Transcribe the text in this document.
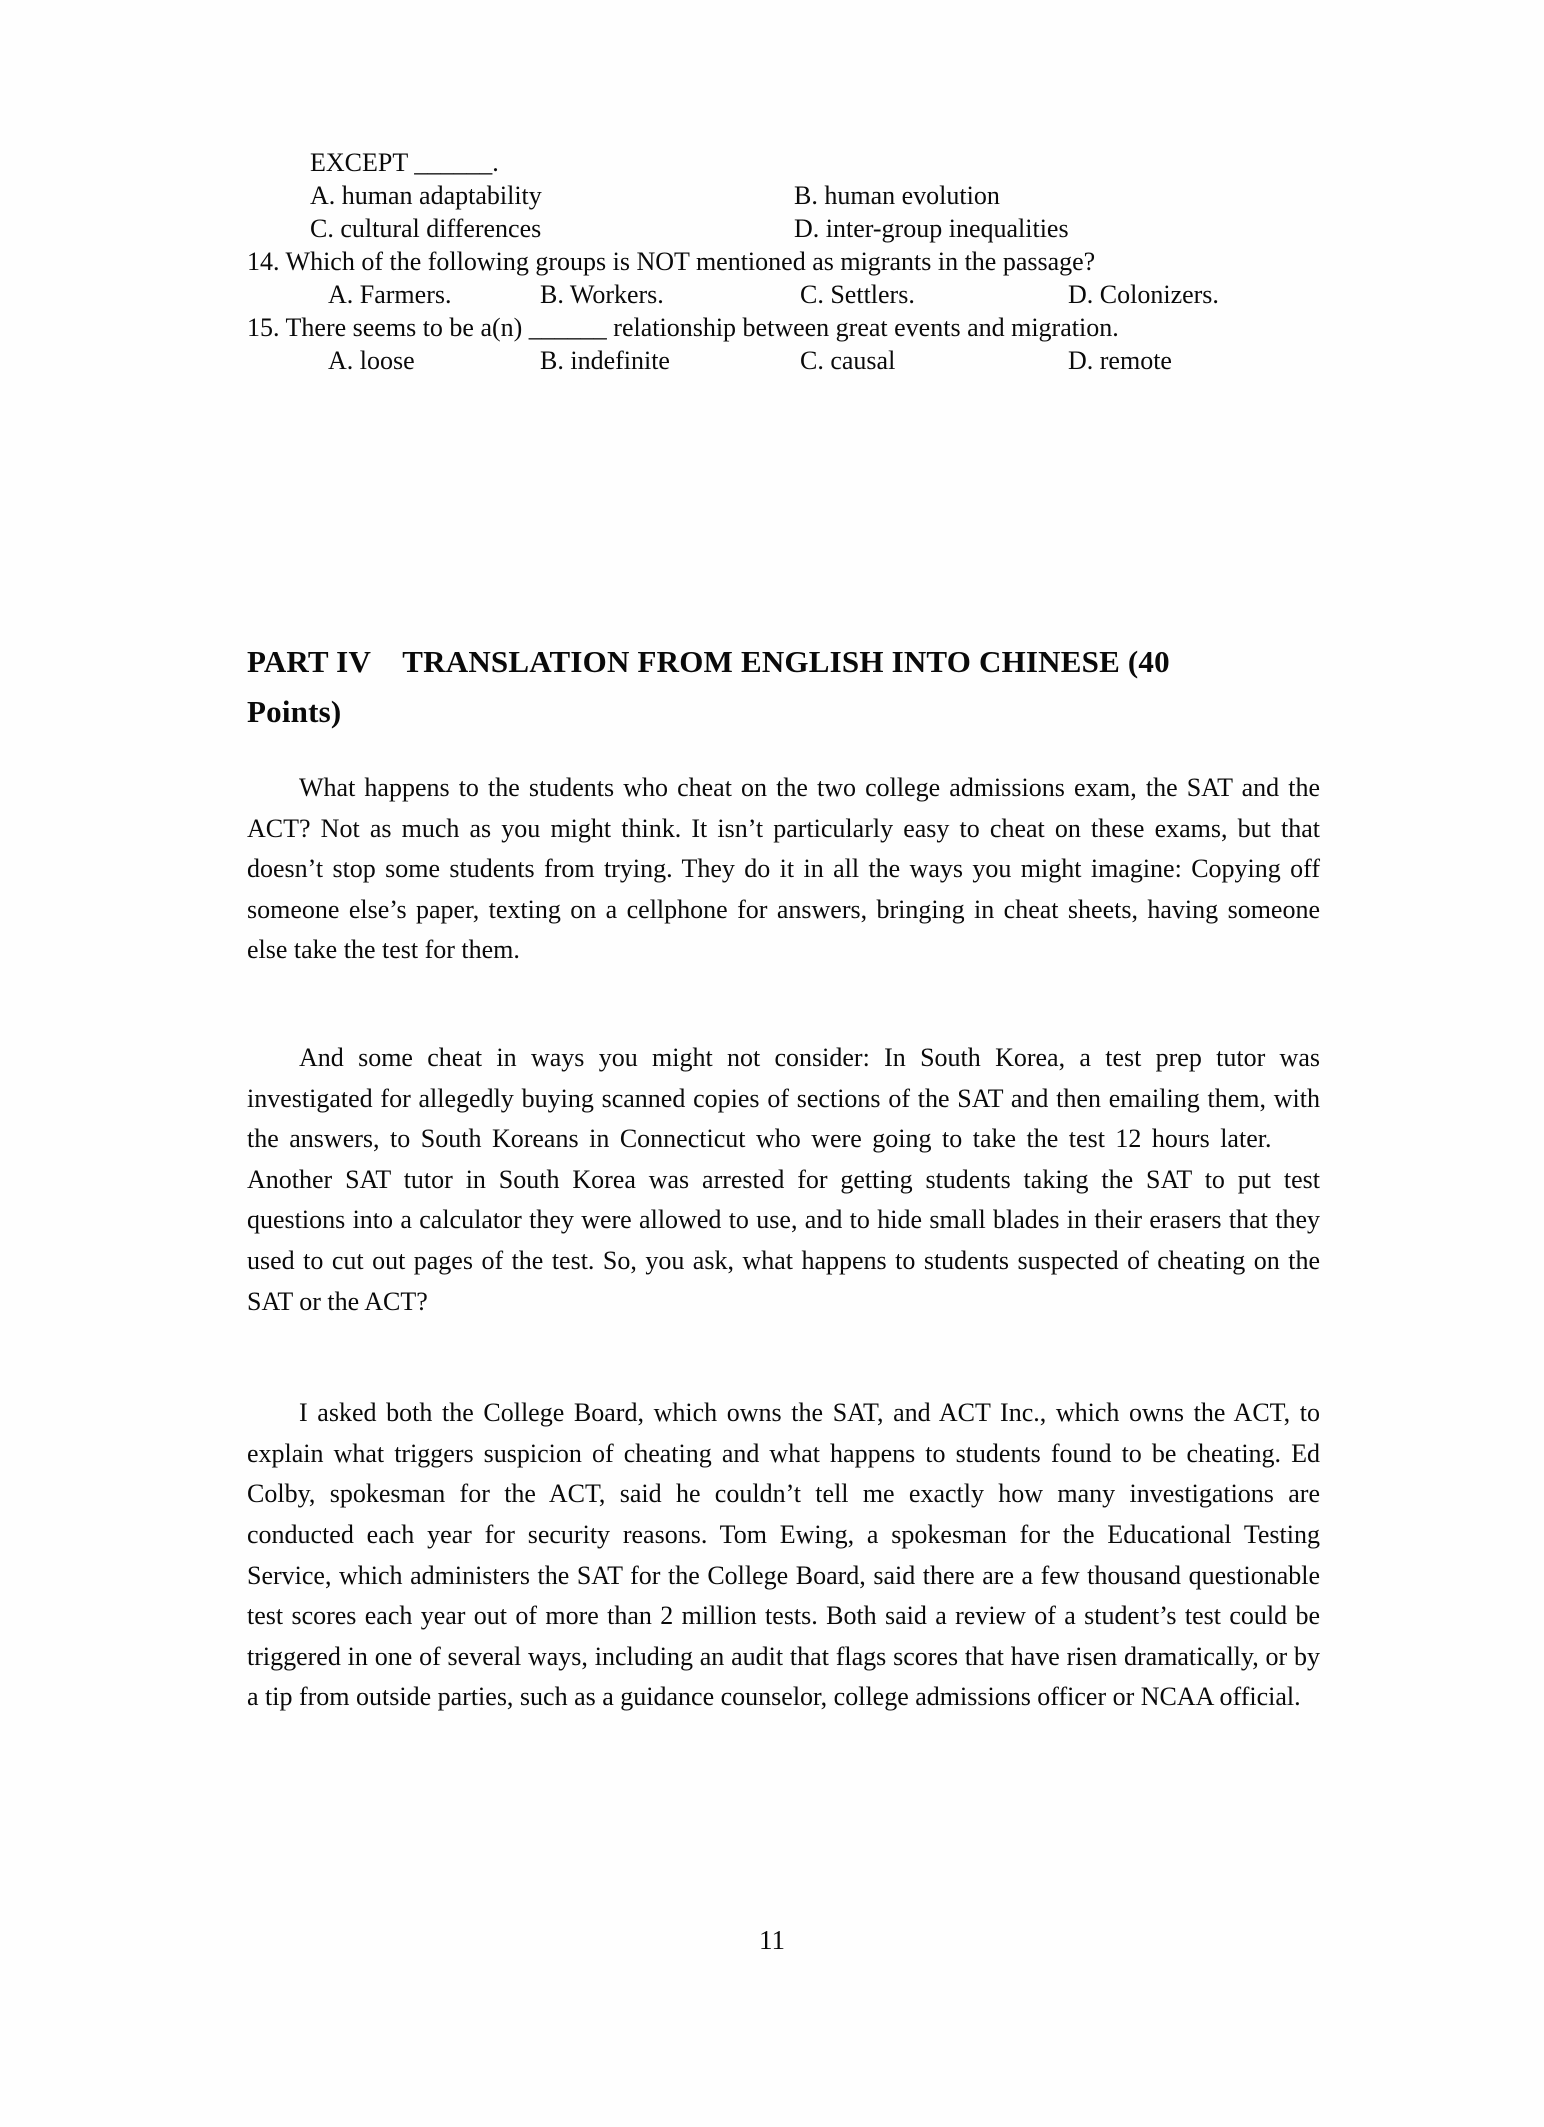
EXCEPT ______.
A. human adaptability	B. human evolution
C. cultural differences	D. inter-group inequalities
14. Which of the following groups is NOT mentioned as migrants in the passage?
A. Farmers.	B. Workers.	C. Settlers.	D. Colonizers.
15. There seems to be a(n) ______ relationship between great events and migration.
A. loose	B. indefinite	C. causal	D. remote
PART IV    TRANSLATION FROM ENGLISH INTO CHINESE (40
Points)

What happens to the students who cheat on the two college admissions exam, the SAT and the ACT? Not as much as you might think. It isn’t particularly easy to cheat on these exams, but that doesn’t stop some students from trying. They do it in all the ways you might imagine: Copying off someone else’s paper, texting on a cellphone for answers, bringing in cheat sheets, having someone else take the test for them.

And some cheat in ways you might not consider: In South Korea, a test prep tutor was investigated for allegedly buying scanned copies of sections of the SAT and then emailing them, with the answers, to South Koreans in Connecticut who were going to take the test 12 hours later.      Another SAT tutor in South Korea was arrested for getting students taking the SAT to put test questions into a calculator they were allowed to use, and to hide small blades in their erasers that they used to cut out pages of the test. So, you ask, what happens to students suspected of cheating on the SAT or the ACT?

I asked both the College Board, which owns the SAT, and ACT Inc., which owns the ACT, to explain what triggers suspicion of cheating and what happens to students found to be cheating. Ed Colby, spokesman for the ACT, said he couldn’t tell me exactly how many investigations are conducted each year for security reasons. Tom Ewing, a spokesman for the Educational Testing Service, which administers the SAT for the College Board, said there are a few thousand questionable test scores each year out of more than 2 million tests. Both said a review of a student’s test could be triggered in one of several ways, including an audit that flags scores that have risen dramatically, or by a tip from outside parties, such as a guidance counselor, college admissions officer or NCAA official.

11
